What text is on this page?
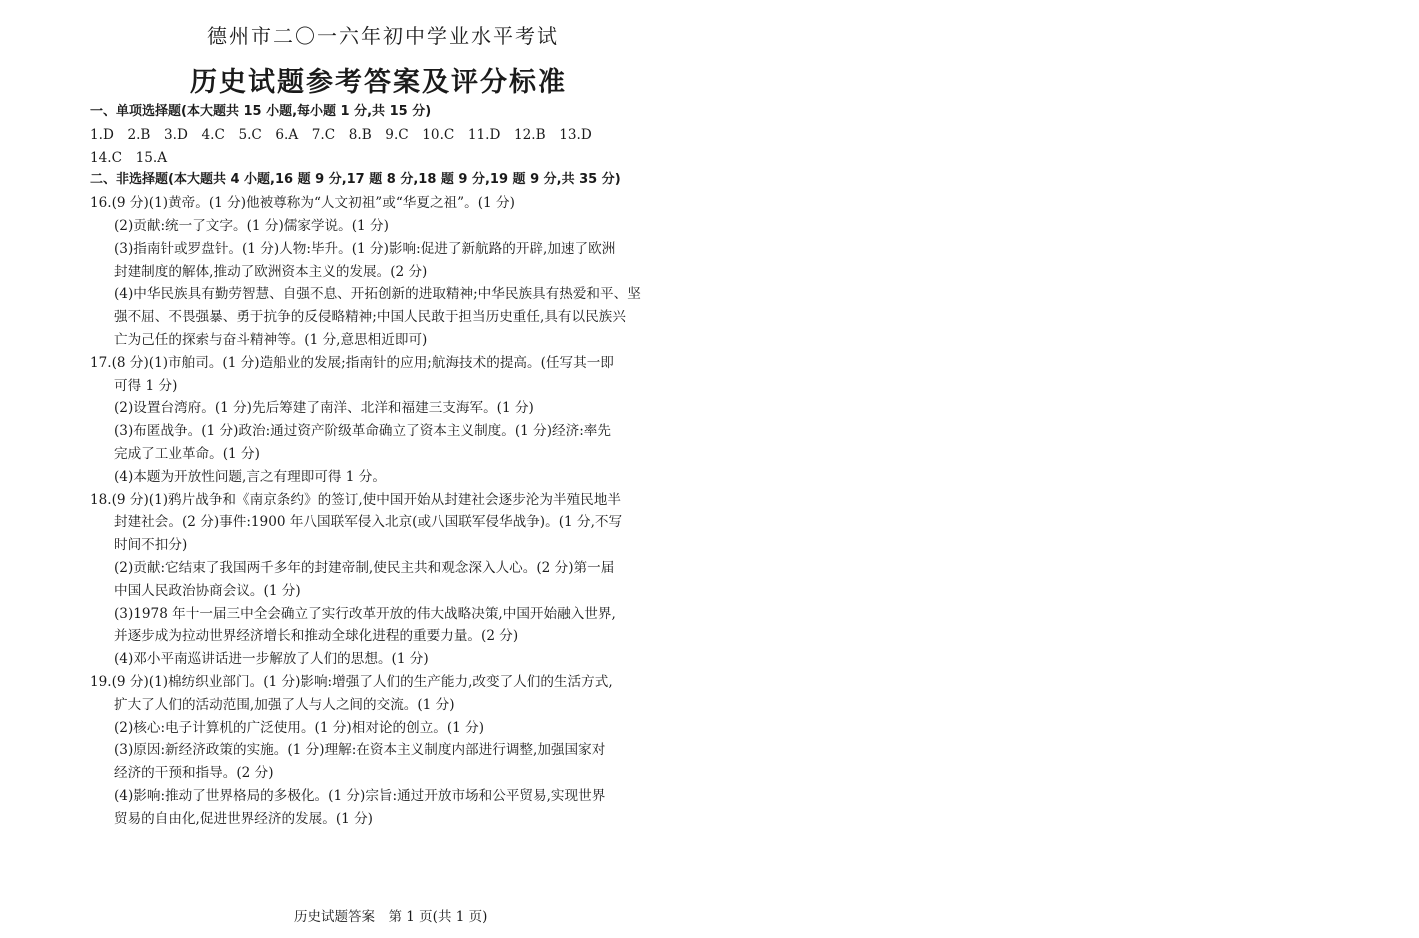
德州市二〇一六年初中学业水平考试
历史试题参考答案及评分标准
一、单项选择题(本大题共 15 小题,每小题 1 分,共 15 分)
1.D　2.B　3.D　4.C　5.C　6.A　7.C　8.B　9.C　10.C　11.D　12.B　13.D
14.C　15.A
二、非选择题(本大题共 4 小题,16 题 9 分,17 题 8 分,18 题 9 分,19 题 9 分,共 35 分)
16.(9 分)(1)黄帝。(1 分)他被尊称为“人文初祖”或“华夏之祖”。(1 分)
(2)贡献:统一了文字。(1 分)儒家学说。(1 分)
(3)指南针或罗盘针。(1 分)人物:毕升。(1 分)影响:促进了新航路的开辟,加速了欧洲
封建制度的解体,推动了欧洲资本主义的发展。(2 分)
(4)中华民族具有勤劳智慧、自强不息、开拓创新的进取精神;中华民族具有热爱和平、坚
强不屈、不畏强暴、勇于抗争的反侵略精神;中国人民敢于担当历史重任,具有以民族兴
亡为己任的探索与奋斗精神等。(1 分,意思相近即可)
17.(8 分)(1)市舶司。(1 分)造船业的发展;指南针的应用;航海技术的提高。(任写其一即
可得 1 分)
(2)设置台湾府。(1 分)先后筹建了南洋、北洋和福建三支海军。(1 分)
(3)布匿战争。(1 分)政治:通过资产阶级革命确立了资本主义制度。(1 分)经济:率先
完成了工业革命。(1 分)
(4)本题为开放性问题,言之有理即可得 1 分。
18.(9 分)(1)鸦片战争和《南京条约》的签订,使中国开始从封建社会逐步沦为半殖民地半
封建社会。(2 分)事件:1900 年八国联军侵入北京(或八国联军侵华战争)。(1 分,不写
时间不扣分)
(2)贡献:它结束了我国两千多年的封建帝制,使民主共和观念深入人心。(2 分)第一届
中国人民政治协商会议。(1 分)
(3)1978 年十一届三中全会确立了实行改革开放的伟大战略决策,中国开始融入世界,
并逐步成为拉动世界经济增长和推动全球化进程的重要力量。(2 分)
(4)邓小平南巡讲话进一步解放了人们的思想。(1 分)
19.(9 分)(1)棉纺织业部门。(1 分)影响:增强了人们的生产能力,改变了人们的生活方式,
扩大了人们的活动范围,加强了人与人之间的交流。(1 分)
(2)核心:电子计算机的广泛使用。(1 分)相对论的创立。(1 分)
(3)原因:新经济政策的实施。(1 分)理解:在资本主义制度内部进行调整,加强国家对
经济的干预和指导。(2 分)
(4)影响:推动了世界格局的多极化。(1 分)宗旨:通过开放市场和公平贸易,实现世界
贸易的自由化,促进世界经济的发展。(1 分)
历史试题答案　第 1 页(共 1 页)
